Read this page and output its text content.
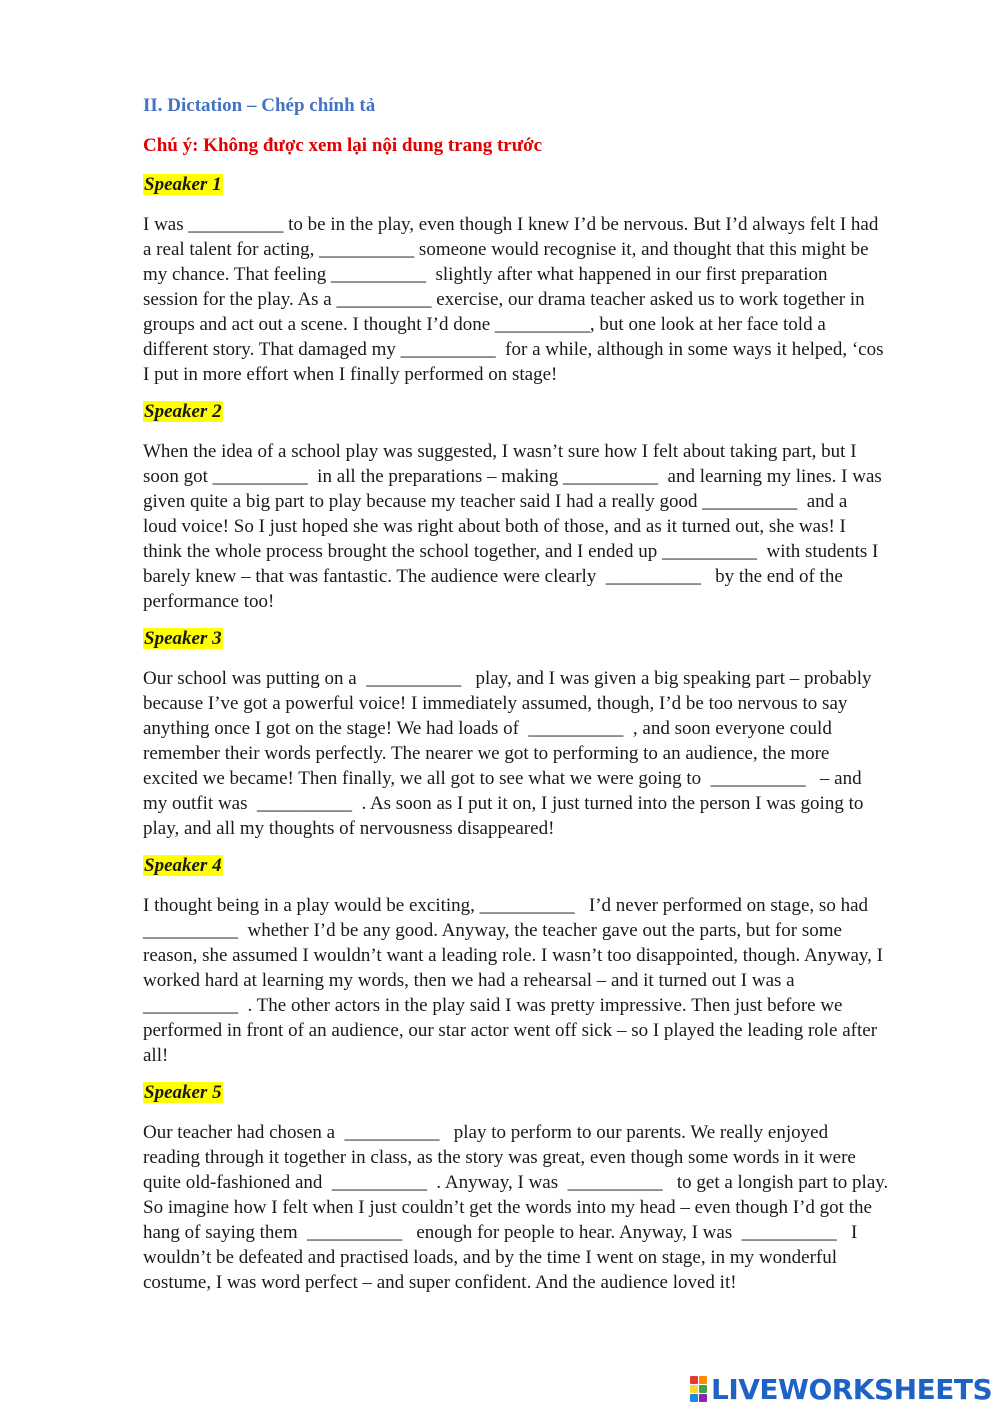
II. Dictation – Chép chính tả
Chú ý: Không được xem lại nội dung trang trước
Speaker 1
I was __________ to be in the play, even though I knew I’d be nervous. But I’d always felt I had
a real talent for acting, __________ someone would recognise it, and thought that this might be
my chance. That feeling __________  slightly after what happened in our first preparation
session for the play. As a __________ exercise, our drama teacher asked us to work together in
groups and act out a scene. I thought I’d done __________, but one look at her face told a
different story. That damaged my __________  for a while, although in some ways it helped, ‘cos
I put in more effort when I finally performed on stage!
Speaker 2
When the idea of a school play was suggested, I wasn’t sure how I felt about taking part, but I
soon got __________  in all the preparations – making __________  and learning my lines. I was
given quite a big part to play because my teacher said I had a really good __________  and a
loud voice! So I just hoped she was right about both of those, and as it turned out, she was! I
think the whole process brought the school together, and I ended up __________  with students I
barely knew – that was fantastic. The audience were clearly  __________   by the end of the
performance too!
Speaker 3
Our school was putting on a  __________   play, and I was given a big speaking part – probably
because I’ve got a powerful voice! I immediately assumed, though, I’d be too nervous to say
anything once I got on the stage! We had loads of  __________  , and soon everyone could
remember their words perfectly. The nearer we got to performing to an audience, the more
excited we became! Then finally, we all got to see what we were going to  __________   – and
my outfit was  __________  . As soon as I put it on, I just turned into the person I was going to
play, and all my thoughts of nervousness disappeared!
Speaker 4
I thought being in a play would be exciting, __________   I’d never performed on stage, so had
__________  whether I’d be any good. Anyway, the teacher gave out the parts, but for some
reason, she assumed I wouldn’t want a leading role. I wasn’t too disappointed, though. Anyway, I
worked hard at learning my words, then we had a rehearsal – and it turned out I was a
__________  . The other actors in the play said I was pretty impressive. Then just before we
performed in front of an audience, our star actor went off sick – so I played the leading role after
all!
Speaker 5
Our teacher had chosen a  __________   play to perform to our parents. We really enjoyed
reading through it together in class, as the story was great, even though some words in it were
quite old-fashioned and  __________  . Anyway, I was  __________   to get a longish part to play.
So imagine how I felt when I just couldn’t get the words into my head – even though I’d got the
hang of saying them  __________   enough for people to hear. Anyway, I was  __________   I
wouldn’t be defeated and practised loads, and by the time I went on stage, in my wonderful
costume, I was word perfect – and super confident. And the audience loved it!
LIVEWORKSHEETS
